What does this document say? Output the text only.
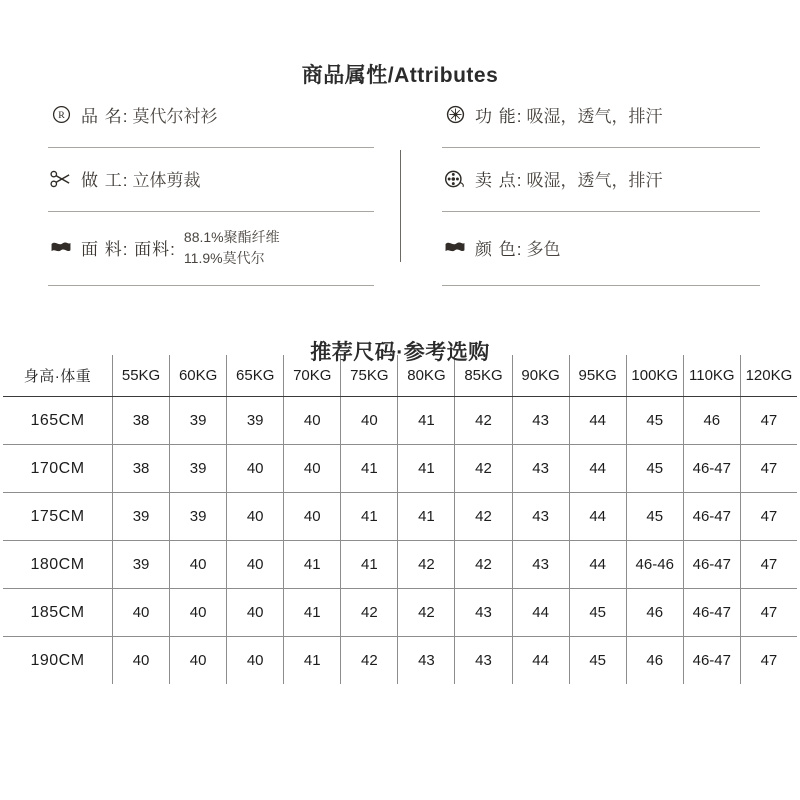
商品属性/Attributes
R 品 名: 莫代尔衬衫
做 工: 立体剪裁
面 料: 面料:
88.1%聚酯纤维
11.9%莫代尔
功 能: 吸湿，透气，排汗
卖 点: 吸湿，透气，排汗
颜 色: 多色
推荐尺码·参考选购
身高·体重	55KG	60KG	65KG	70KG	75KG	80KG	85KG	90KG	95KG	100KG	110KG	120KG
165CM	38	39	39	40	40	41	42	43	44	45	46	47
170CM	38	39	40	40	41	41	42	43	44	45	46-47	47
175CM	39	39	40	40	41	41	42	43	44	45	46-47	47
180CM	39	40	40	41	41	42	42	43	44	46-46	46-47	47
185CM	40	40	40	41	42	42	43	44	45	46	46-47	47
190CM	40	40	40	41	42	43	43	44	45	46	46-47	47
